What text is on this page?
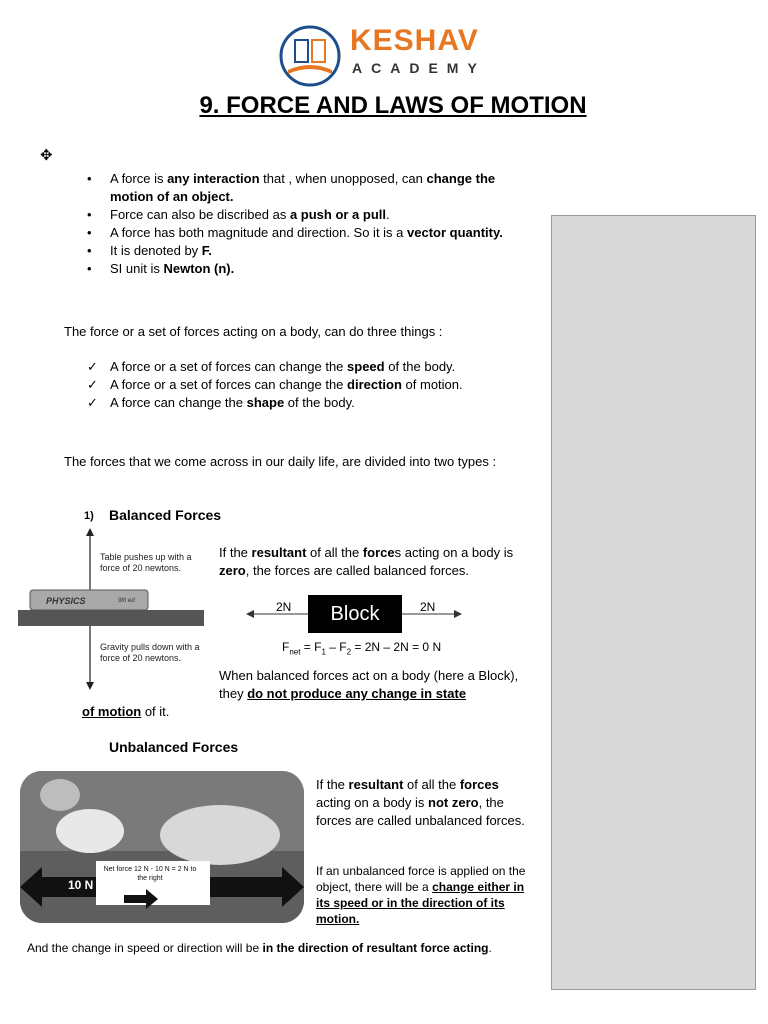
KESHAV
ACADEMY
9. FORCE AND LAWS OF MOTION
✥
• A force is any interaction that , when unopposed, can change the motion of an object.
• Force can also be discribed as a push or a pull.
• A force has both magnitude and direction. So it is a vector quantity.
• It is denoted by F.
• SI unit is Newton (n).

The force or a set of forces acting on a body, can do three things :

✓ A force or a set of forces can change the speed of the body.
✓ A force or a set of forces can change the direction of motion.
✓ A force can change the shape of the body.

The forces that we come across in our daily life, are divided into two types :

1) Balanced Forces
Table pushes up with a force of 20 newtons.
PHYSICS	9th ed
Gravity pulls down with a force of 20 newtons.

If the resultant of all the forces acting on a body is zero, the forces are called balanced forces.

Block
2N	2N
$F_{net} = F_1 - F_2 = 2N - 2N = 0$ N

When balanced forces act on a body (here a Block), they do not produce any change in state

of motion of it.

Unbalanced Forces
10 N	12 N
Net force 12 N - 10 N = 2 N to the right

If the resultant of all the forces acting on a body is not zero, the forces are called unbalanced forces.

If an unbalanced force is applied on the object, there will be a change either in its speed or in the direction of its motion.

And the change in speed or direction will be in the direction of resultant force acting.
